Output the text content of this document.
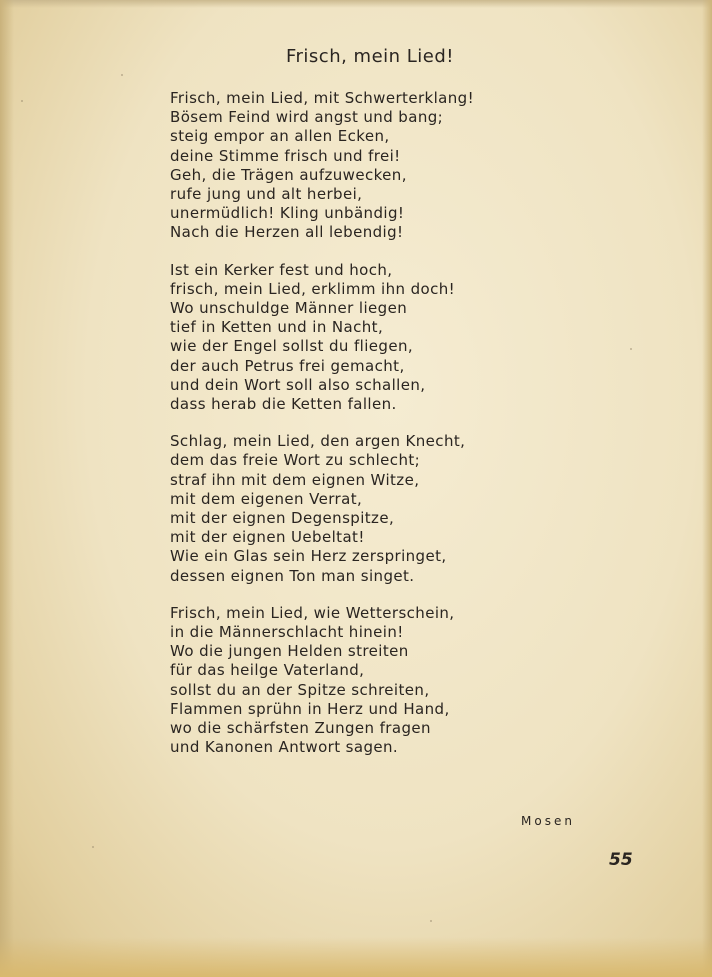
Frisch, mein Lied!
Frisch, mein Lied, mit Schwerterklang!
Bösem Feind wird angst und bang;
steig empor an allen Ecken,
deine Stimme frisch und frei!
Geh, die Trägen aufzuwecken,
rufe jung und alt herbei,
unermüdlich! Kling unbändig!
Nach die Herzen all lebendig!
Ist ein Kerker fest und hoch,
frisch, mein Lied, erklimm ihn doch!
Wo unschuldge Männer liegen
tief in Ketten und in Nacht,
wie der Engel sollst du fliegen,
der auch Petrus frei gemacht,
und dein Wort soll also schallen,
dass herab die Ketten fallen.
Schlag, mein Lied, den argen Knecht,
dem das freie Wort zu schlecht;
straf ihn mit dem eignen Witze,
mit dem eigenen Verrat,
mit der eignen Degenspitze,
mit der eignen Uebeltat!
Wie ein Glas sein Herz zerspringet,
dessen eignen Ton man singet.
Frisch, mein Lied, wie Wetterschein,
in die Männerschlacht hinein!
Wo die jungen Helden streiten
für das heilge Vaterland,
sollst du an der Spitze schreiten,
Flammen sprühn in Herz und Hand,
wo die schärfsten Zungen fragen
und Kanonen Antwort sagen.
Mosen
55
